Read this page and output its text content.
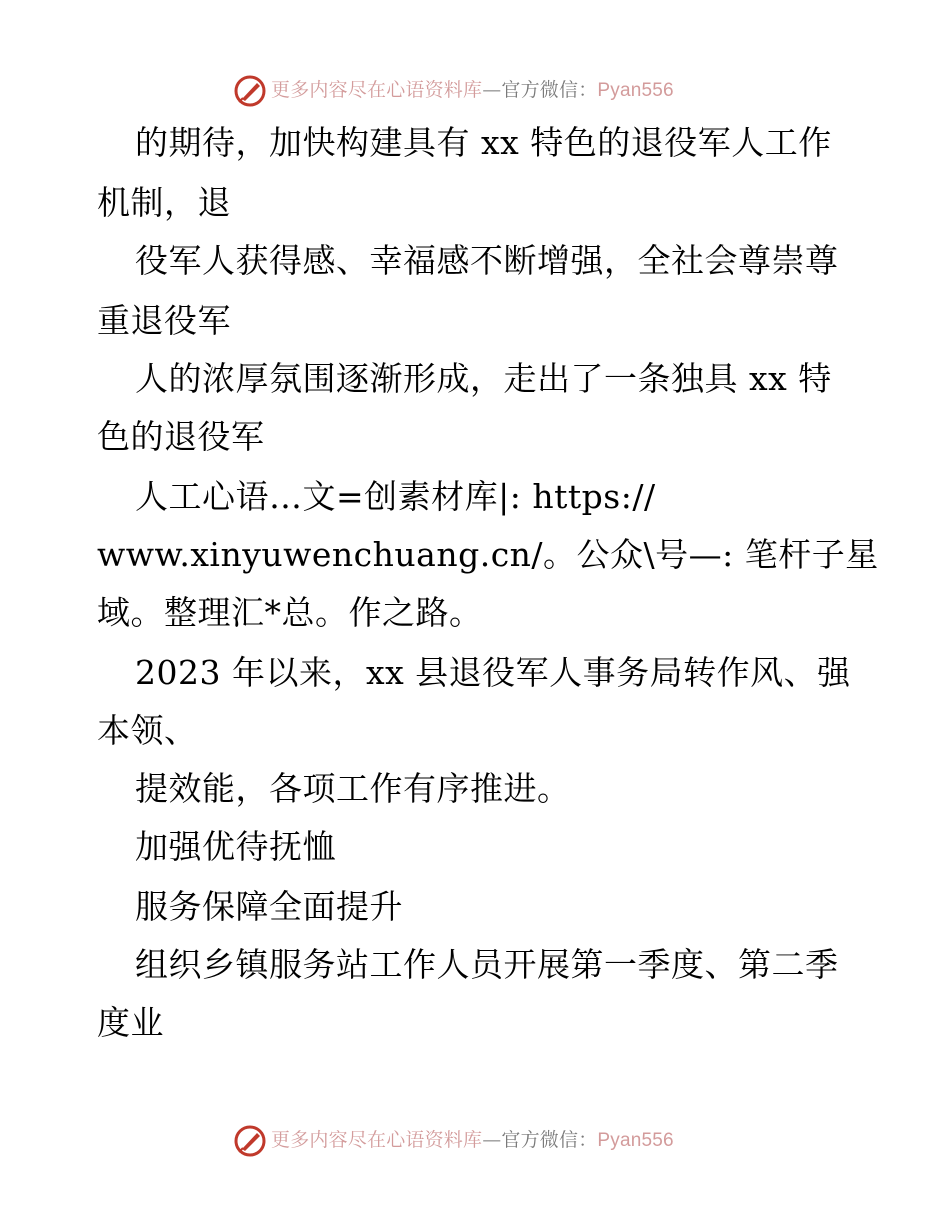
更多内容尽在心语资料库—官方微信：Pyan556
的期待，加快构建具有 xx 特色的退役军人工作
机制，退
役军人获得感、幸福感不断增强，全社会尊崇尊
重退役军
人的浓厚氛围逐渐形成，走出了一条独具 xx 特
色的退役军
人工心语…文=创素材库|: https://
www.xinyuwenchuang.cn/。公众\号—: 笔杆子星
域。整理汇*总。作之路。
2023 年以来，xx 县退役军人事务局转作风、强
本领、
提效能，各项工作有序推进。
加强优待抚恤
服务保障全面提升
组织乡镇服务站工作人员开展第一季度、第二季
度业
更多内容尽在心语资料库—官方微信：Pyan556
